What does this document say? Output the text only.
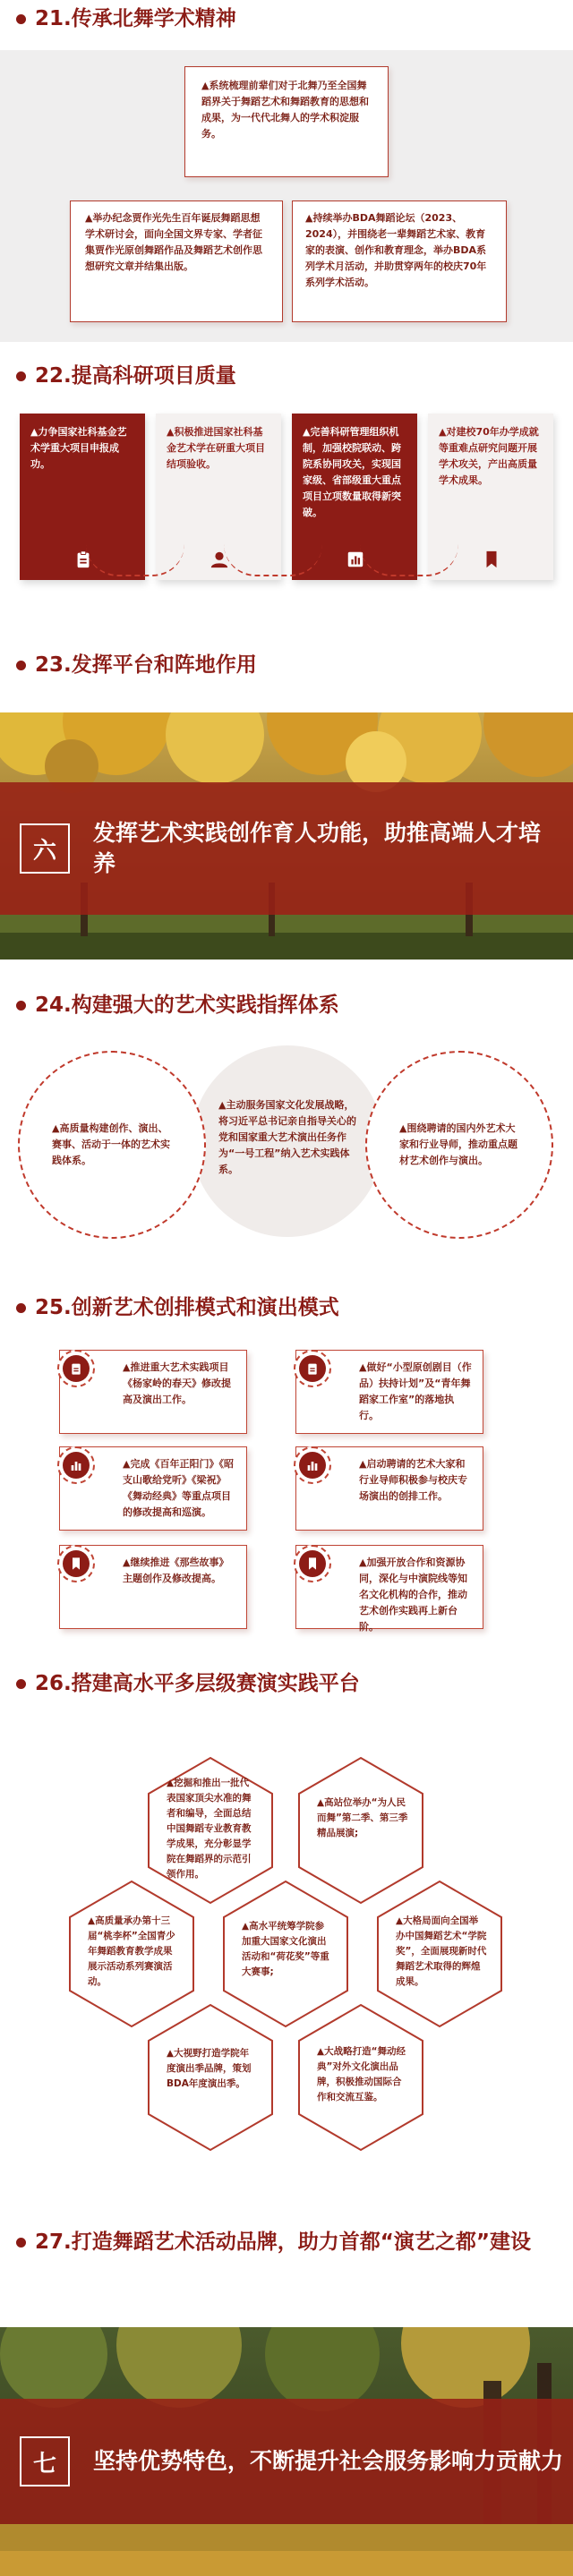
21.传承北舞学术精神
▲系统梳理前辈们对于北舞乃至全国舞蹈界关于舞蹈艺术和舞蹈教育的思想和成果，为一代代北舞人的学术积淀服务。
▲举办纪念贾作光先生百年诞辰舞蹈思想学术研讨会，面向全国文界专家、学者征集贾作光原创舞蹈作品及舞蹈艺术创作思想研究文章并结集出版。
▲持续举办BDA舞蹈论坛（2023、2024），并围绕老一辈舞蹈艺术家、教育家的表演、创作和教育理念，举办BDA系列学术月活动，并助贯穿两年的校庆70年系列学术活动。
22.提高科研项目质量
▲力争国家社科基金艺术学重大项目申报成功。
▲积极推进国家社科基金艺术学在研重大项目结项验收。
▲完善科研管理组织机制，加强校院联动、跨院系协同攻关，实现国家级、省部级重大重点项目立项数量取得新突破。
▲对建校70年办学成就等重难点研究问题开展学术攻关，产出高质量学术成果。
23.发挥平台和阵地作用
六
发挥艺术实践创作育人功能，助推高端人才培养
24.构建强大的艺术实践指挥体系
▲主动服务国家文化发展战略，将习近平总书记亲自指导关心的党和国家重大艺术演出任务作为“一号工程”纳入艺术实践体系。
▲高质量构建创作、演出、赛事、活动于一体的艺术实践体系。
▲围绕聘请的国内外艺术大家和行业导师，推动重点题材艺术创作与演出。
25.创新艺术创排模式和演出模式
▲推进重大艺术实践项目《杨家岭的春天》修改提高及演出工作。
▲做好“小型原创剧目（作品）扶持计划”及“青年舞蹈家工作室”的落地执行。
▲完成《百年正阳门》《昭支山歌给党听》《梁祝》《舞动经典》等重点项目的修改提高和巡演。
▲启动聘请的艺术大家和行业导师积极参与校庆专场演出的创排工作。
▲继续推进《那些故事》主题创作及修改提高。
▲加强开放合作和资源协同，深化与中演院线等知名文化机构的合作，推动艺术创作实践再上新台阶。
26.搭建高水平多层级赛演实践平台
▲挖掘和推出一批代表国家顶尖水准的舞者和编导，全面总结中国舞蹈专业教育教学成果，充分彰显学院在舞蹈界的示范引领作用。
▲高站位举办“为人民而舞”第二季、第三季精品展演;
▲高质量承办第十三届“桃李杯”全国青少年舞蹈教育教学成果展示活动系列赛演活动。
▲高水平统筹学院参加重大国家文化演出活动和“荷花奖”等重大赛事;
▲大格局面向全国举办中国舞蹈艺术“学院奖”，全面展现新时代舞蹈艺术取得的辉煌成果。
▲大视野打造学院年度演出季品牌，策划BDA年度演出季。
▲大战略打造“舞动经典”对外文化演出品牌，积极推动国际合作和交流互鉴。
27.打造舞蹈艺术活动品牌，助力首都“演艺之都”建设
七	坚持优势特色，不断提升社会服务影响力贡献力
